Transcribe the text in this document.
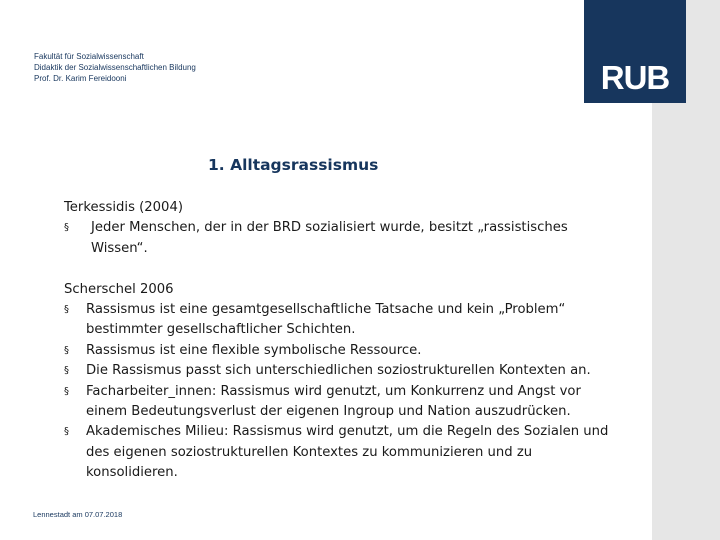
RUB
Fakultät für Sozialwissenschaft
Didaktik der Sozialwissenschaftlichen Bildung
Prof. Dr. Karim Fereidooni
1. Alltagsrassismus
Terkessidis (2004)
§ Jeder Menschen, der in der BRD sozialisiert wurde, besitzt „rassistisches Wissen“.
Scherschel 2006
§ Rassismus ist eine gesamtgesellschaftliche Tatsache und kein „Problem“ bestimmter gesellschaftlicher Schichten.
§ Rassismus ist eine flexible symbolische Ressource.
§ Die Rassismus passt sich unterschiedlichen soziostrukturellen Kontexten an.
§ Facharbeiter_innen: Rassismus wird genutzt, um Konkurrenz und Angst vor einem Bedeutungsverlust der eigenen Ingroup und Nation auszudrücken.
§ Akademisches Milieu: Rassismus wird genutzt, um die Regeln des Sozialen und des eigenen soziostrukturellen Kontextes zu kommunizieren und zu konsolidieren.
Lennestadt am 07.07.2018
